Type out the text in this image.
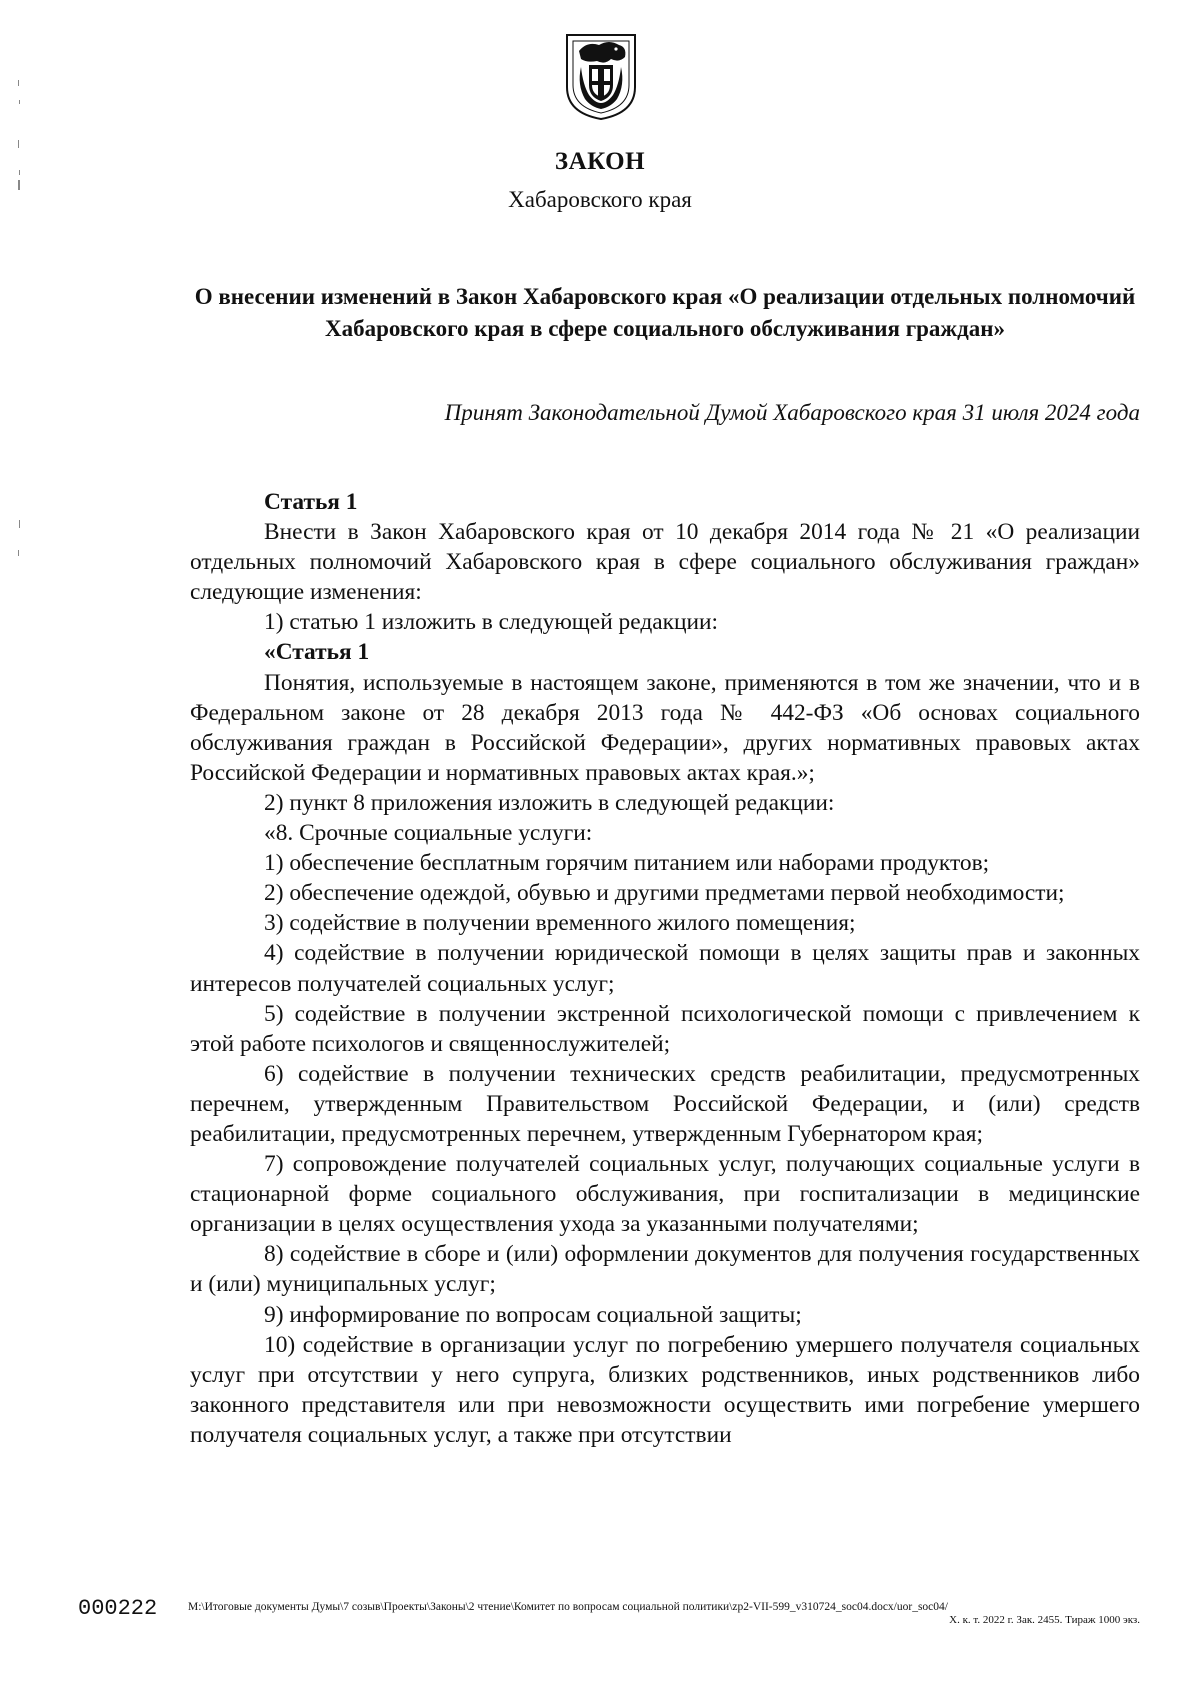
ЗАКОН
Хабаровского края
О внесении изменений в Закон Хабаровского края «О реализации отдельных полномочий Хабаровского края в сфере социального обслуживания граждан»
Принят Законодательной Думой Хабаровского края 31 июля 2024 года

Статья 1

Внести в Закон Хабаровского края от 10 декабря 2014 года № 21 «О реализации отдельных полномочий Хабаровского края в сфере социального обслуживания граждан» следующие изменения:

1) статью 1 изложить в следующей редакции:

«Статья 1

Понятия, используемые в настоящем законе, применяются в том же значении, что и в Федеральном законе от 28 декабря 2013 года № 442-ФЗ «Об основах социального обслуживания граждан в Российской Федерации», других нормативных правовых актах Российской Федерации и нормативных правовых актах края.»;

2) пункт 8 приложения изложить в следующей редакции:

«8. Срочные социальные услуги:

1) обеспечение бесплатным горячим питанием или наборами продуктов;

2) обеспечение одеждой, обувью и другими предметами первой необходимости;

3) содействие в получении временного жилого помещения;

4) содействие в получении юридической помощи в целях защиты прав и законных интересов получателей социальных услуг;

5) содействие в получении экстренной психологической помощи с привлечением к этой работе психологов и священнослужителей;

6) содействие в получении технических средств реабилитации, предусмотренных перечнем, утвержденным Правительством Российской Федерации, и (или) средств реабилитации, предусмотренных перечнем, утвержденным Губернатором края;

7) сопровождение получателей социальных услуг, получающих социальные услуги в стационарной форме социального обслуживания, при госпитализации в медицинские организации в целях осуществления ухода за указанными получателями;

8) содействие в сборе и (или) оформлении документов для получения государственных и (или) муниципальных услуг;

9) информирование по вопросам социальной защиты;

10) содействие в организации услуг по погребению умершего получателя социальных услуг при отсутствии у него супруга, близких родственников, иных родственников либо законного представителя или при невозможности осуществить ими погребение умершего получателя социальных услуг, а также при отсутствии

000222	M:\Итоговые документы Думы\7 созыв\Проекты\Законы\2 чтение\Комитет по вопросам социальной политики\zp2-VII-599_v310724_soc04.docx/uor_soc04/
Х. к. т. 2022 г. Зак. 2455. Тираж 1000 экз.
